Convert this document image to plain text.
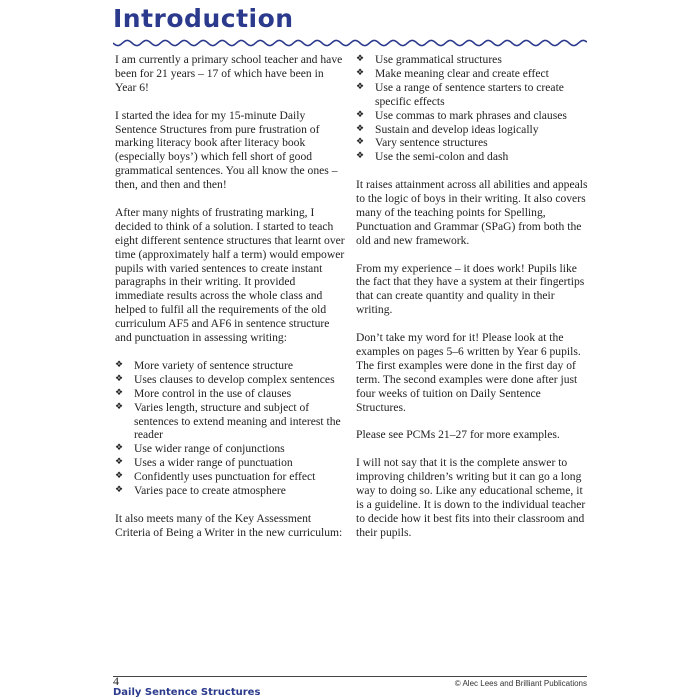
Introduction

I am currently a primary school teacher and have been for 21 years – 17 of which have been in Year 6!

I started the idea for my 15-minute Daily Sentence Structures from pure frustration of marking literacy book after literacy book (especially boys’) which fell short of good grammatical sentences. You all know the ones – then, and then and then!

After many nights of frustrating marking, I decided to think of a solution. I started to teach eight different sentence structures that learnt over time (approximately half a term) would empower pupils with varied sentences to create instant paragraphs in their writing. It provided immediate results across the whole class and helped to fulfil all the requirements of the old curriculum AF5 and AF6 in sentence structure and punctuation in assessing writing:

❖ More variety of sentence structure
❖ Uses clauses to develop complex sentences
❖ More control in the use of clauses
❖ Varies length, structure and subject of sentences to extend meaning and interest the reader
❖ Use wider range of conjunctions
❖ Uses a wider range of punctuation
❖ Confidently uses punctuation for effect
❖ Varies pace to create atmosphere

It also meets many of the Key Assessment Criteria of Being a Writer in the new curriculum:

❖ Use grammatical structures
❖ Make meaning clear and create effect
❖ Use a range of sentence starters to create specific effects
❖ Use commas to mark phrases and clauses
❖ Sustain and develop ideas logically
❖ Vary sentence structures
❖ Use the semi-colon and dash

It raises attainment across all abilities and appeals to the logic of boys in their writing. It also covers many of the teaching points for Spelling, Punctuation and Grammar (SPaG) from both the old and new framework.

From my experience – it does work! Pupils like the fact that they have a system at their fingertips that can create quantity and quality in their writing.

Don’t take my word for it! Please look at the examples on pages 5–6 written by Year 6 pupils. The first examples were done in the first day of term. The second examples were done after just four weeks of tuition on Daily Sentence Structures.

Please see PCMs 21–27 for more examples.

I will not say that it is the complete answer to improving children’s writing but it can go a long way to doing so. Like any educational scheme, it is a guideline. It is down to the individual teacher to decide how it best fits into their classroom and their pupils.

4
Daily Sentence Structures
© Alec Lees and Brilliant Publications
